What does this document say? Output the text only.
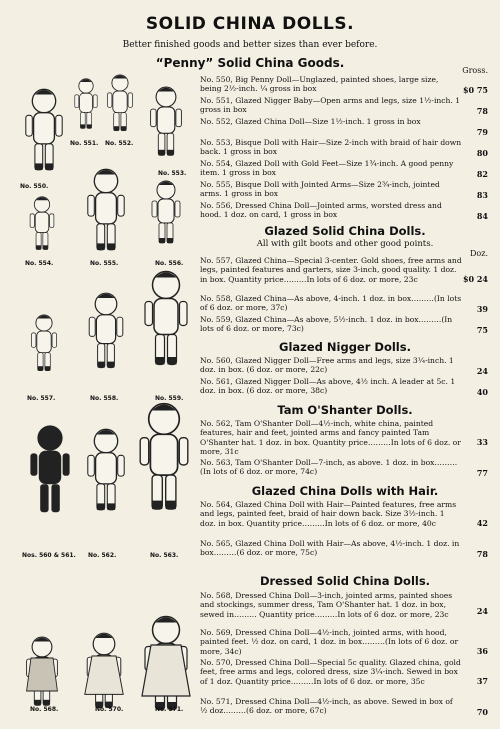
SOLID CHINA DOLLS.
Better finished goods and better sizes than ever before.
“Penny” Solid China Goods.
Gross.
No. 550, Big Penny Doll—Unglazed, painted shoes, large size, being 2½-inch. ¼ gross in box	$0 75
No. 551, Glazed Nigger Baby—Open arms and legs, size 1½-inch. 1 gross in box	78
No. 552, Glazed China Doll—Size 1½-inch. 1 gross in box
79
No. 553, Bisque Doll with Hair—Size 2-inch with braid of hair down back. 1 gross in box	80
No. 554, Glazed Doll with Gold Feet—Size 1¾-inch. A good penny item. 1 gross in box	82
No. 555, Bisque Doll with Jointed Arms—Size 2¾-inch, jointed arms. 1 gross in box	83
No. 556, Dressed China Doll—Jointed arms, worsted dress and hood. 1 doz. on card, 1 gross in box	84
Glazed Solid China Dolls.
All with gilt boots and other good points.
Doz.
No. 557, Glazed China—Special 3-center. Gold shoes, free arms and legs, painted features and garters, size 3-inch, good quality. 1 doz. in box. Quantity price………In lots of 6 doz. or more, 23c	$0 24
No. 558, Glazed China—As above, 4-inch. 1 doz. in box………(In lots of 6 doz. or more, 37c)	39
No. 559, Glazed China—As above, 5½-inch. 1 doz. in box………(In lots of 6 doz. or more, 73c)	75
Glazed Nigger Dolls.
No. 560, Glazed Nigger Doll—Free arms and legs, size 3¼-inch. 1 doz. in box. (6 doz. or more, 22c)	24
No. 561, Glazed Nigger Doll—As above, 4½ inch. A leader at 5c. 1 doz. in box. (6 doz. or more, 38c)	40
Tam O'Shanter Dolls.
No. 562, Tam O'Shanter Doll—4½-inch, white china, painted features, hair and feet, jointed arms and fancy painted Tam O'Shanter hat. 1 doz. in box. Quantity price………In lots of 6 doz. or more, 31c
33
No. 563, Tam O'Shanter Doll—7-inch, as above. 1 doz. in box………(In lots of 6 doz. or more, 74c)	77
Glazed China Dolls with Hair.
No. 564, Glazed China Doll with Hair—Painted features, free arms and legs, painted feet, braid of hair down back. Size 3½-inch. 1 doz. in box. Quantity price………In lots of 6 doz. or more, 40c	42
No. 565, Glazed China Doll with Hair—As above, 4½-inch. 1 doz. in box………(6 doz. or more, 75c)	78
Dressed Solid China Dolls.
No. 568, Dressed China Doll—3-inch, jointed arms, painted shoes and stockings, summer dress, Tam O'Shanter hat. 1 doz. in box, sewed in……… Quantity price………In lots of 6 doz. or more, 23c	24
No. 569, Dressed China Doll—4½-inch, jointed arms, with hood, painted feet. ½ doz. on card, 1 doz. in box………(In lots of 6 doz. or more, 34c)	36
No. 570, Dressed China Doll—Special 5c quality. Glazed china, gold feet, free arms and legs, colored dress, size 3¼-inch. Sewed in box of 1 doz. Quantity price………In lots of 6 doz. or more, 35c	37
No. 571, Dressed China Doll—4½-inch, as above. Sewed in box of ½ doz………(6 doz. or more, 67c)	70
No. 550.
No. 551. No. 552.
No. 553.
No. 554.	No. 555.	No. 556.
No. 557.	No. 558.	No. 559.
Nos. 560 & 561. No. 562.	No. 563.
No. 568.	No. 570.	No. 571.
